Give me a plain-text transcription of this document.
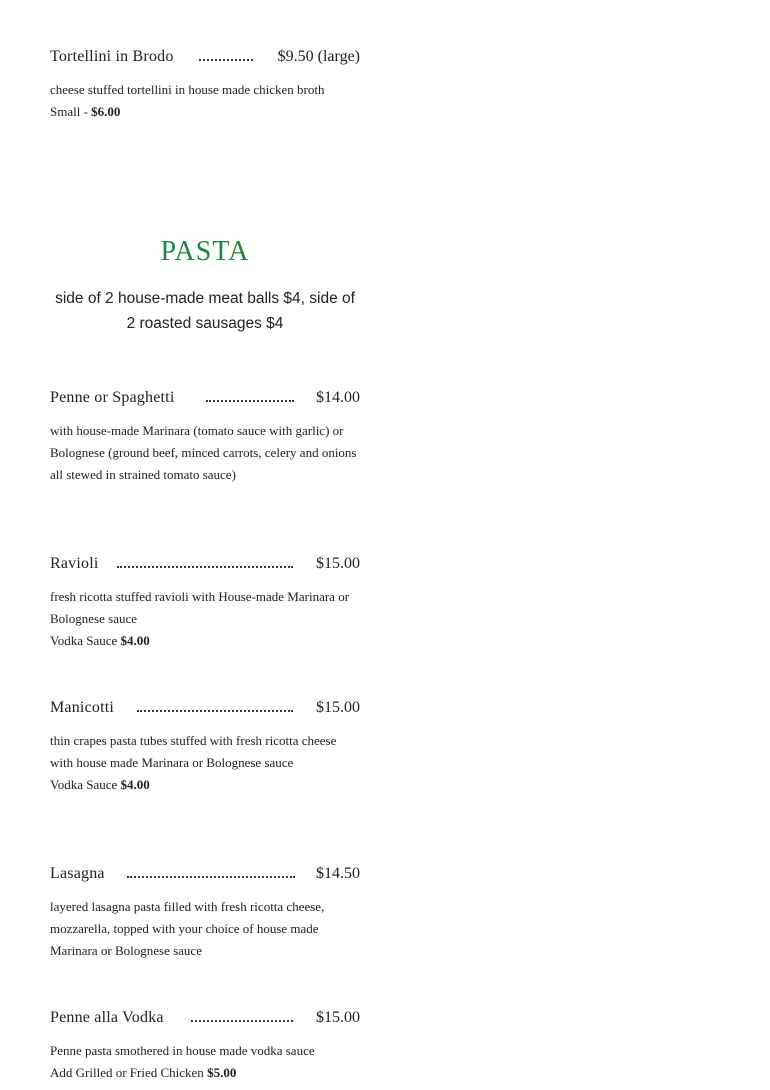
Tortellini in Brodo	$9.50 (large)
cheese stuffed tortellini in house made chicken broth
Small - $6.00
PASTA
side of 2 house-made meat balls $4, side of 2 roasted sausages $4
Penne or Spaghetti	$14.00
with house-made Marinara (tomato sauce with garlic) or Bolognese (ground beef, minced carrots, celery and onions all stewed in strained tomato sauce)
Ravioli	$15.00
fresh ricotta stuffed ravioli with House-made Marinara or Bolognese sauce
Vodka Sauce $4.00
Manicotti	$15.00
thin crapes pasta tubes stuffed with fresh ricotta cheese with house made Marinara or Bolognese sauce
Vodka Sauce $4.00
Lasagna	$14.50
layered lasagna pasta filled with fresh ricotta cheese, mozzarella, topped with your choice of house made Marinara or Bolognese sauce
Penne alla Vodka	$15.00
Penne pasta smothered in house made vodka sauce
Add Grilled or Fried Chicken $5.00
